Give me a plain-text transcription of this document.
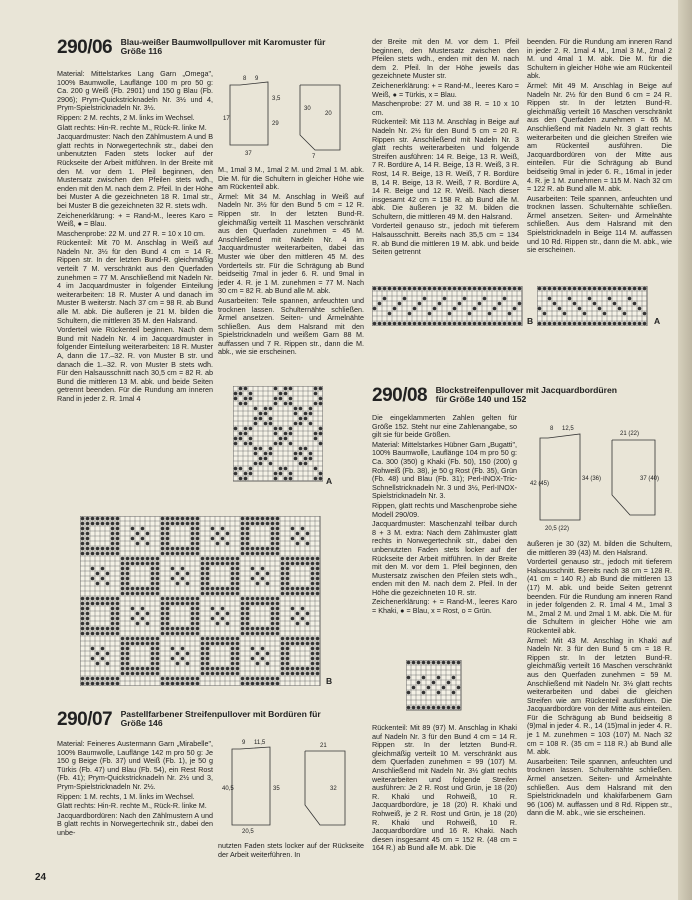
290/06 Blau-weißer Baumwollpullover mit Karomuster für Größe 116

Material: Mittelstarkes Lang Garn „Omega", 100% Baumwolle, Lauflänge 100 m pro 50 g: Ca. 200 g Weiß (Fb. 2901) und 150 g Blau (Fb. 2906); Prym-Quickstricknadeln Nr. 3½ und 4, Prym-Spielstricknadeln Nr. 3½.

Rippen: 2 M. rechts, 2 M. links im Wechsel.

Glatt rechts: Hin-R. rechte M., Rück-R. linke M.

Jacquardmuster: Nach den Zählmustern A und B glatt rechts in Norwegertechnik str., dabei den unbenutzten Faden stets locker auf der Rückseite der Arbeit mitführen. In der Breite mit den M. vor dem 1. Pfeil beginnen, den Mustersatz zwischen den Pfeilen stets wdh., enden mit den M. nach dem 2. Pfeil. In der Höhe bei Muster A die gezeichneten 18 R. 1mal str., bei Muster B die gezeichneten 32 R. stets wdh.

Zeichenerklärung: + = Rand-M., leeres Karo = Weiß, ● = Blau.

Maschenprobe: 22 M. und 27 R. = 10 x 10 cm.

Rückenteil: Mit 70 M. Anschlag in Weiß auf Nadeln Nr. 3½ für den Bund 4 cm = 14 R. Rippen str. In der letzten Bund-R. gleichmäßig verteilt 7 M. verschränkt aus den Querfaden zunehmen = 77 M. Anschließend mit Nadeln Nr. 4 im Jacquardmuster in folgender Einteilung weiterarbeiten: 18 R. Muster A und danach im Muster B weiterstr. Nach 37 cm = 98 R. ab Bund alle M. abk. Die äußeren je 21 M. bilden die Schultern, die mittleren 35 M. den Halsrand.

Vorderteil wie Rückenteil beginnen. Nach dem Bund mit Nadeln Nr. 4 im Jacquardmuster in folgender Einteilung weiterarbeiten: 18 R. Muster A, dann die 17.–32. R. von Muster B str. und danach die 1.–32. R. von Muster B stets wdh. Für den Halsausschnitt nach 30,5 cm = 82 R. ab Bund die mittleren 13 M. abk. und beide Seiten getrennt beenden. Für die Rundung am inneren Rand in jeder 2. R. 1mal 4

8 9
17
3,5
29
37
30
20
7

M., 1mal 3 M., 1mal 2 M. und 2mal 1 M. abk. Die M. für die Schultern in gleicher Höhe wie am Rückenteil abk.

Ärmel: Mit 34 M. Anschlag in Weiß auf Nadeln Nr. 3½ für den Bund 5 cm = 12 R. Rippen str. In der letzten Bund-R. gleichmäßig verteilt 11 Maschen verschränkt aus den Querfaden zunehmen = 45 M. Anschließend mit Nadeln Nr. 4 im Jacquardmuster weiterarbeiten, dabei das Muster wie über den mittleren 45 M. des Vorderteils str. Für die Schrägung ab Bund beidseitig 7mal in jeder 6. R. und 9mal in jeder 4. R. je 1 M. zunehmen = 77 M. Nach 30 cm = 82 R. ab Bund alle M. abk.

Ausarbeiten: Teile spannen, anfeuchten und trocknen lassen. Schulternähte schließen. Ärmel ansetzen. Seiten- und Ärmelnähte schließen. Aus dem Halsrand mit den Spielstricknadeln und weißem Garn 88 M. auffassen und 7 R. Rippen str., dann die M. abk., wie sie erscheinen.

A
B

der Breite mit den M. vor dem 1. Pfeil beginnen, den Mustersatz zwischen den Pfeilen stets wdh., enden mit den M. nach dem 2. Pfeil. In der Höhe jeweils das gezeichnete Muster str.

Zeichenerklärung: + = Rand-M., leeres Karo = Weiß, ● = Türkis, x = Blau.

Maschenprobe: 27 M. und 38 R. = 10 x 10 cm.

Rückenteil: Mit 113 M. Anschlag in Beige auf Nadeln Nr. 2½ für den Bund 5 cm = 20 R. Rippen str. Anschließend mit Nadeln Nr. 3 glatt rechts weiterarbeiten und folgende Streifen ausführen: 14 R. Beige, 13 R. Weiß, 7 R. Bordüre A, 14 R. Beige, 13 R. Weiß, 3 R. Rost, 14 R. Beige, 13 R. Weiß, 7 R. Bordüre B, 14 R. Beige, 13 R. Weiß, 7 R. Bordüre A, 14 R. Beige und 12 R. Weiß. Nach dieser insgesamt 42 cm = 158 R. ab Bund alle M. abk. Die äußeren je 32 M. bilden die Schultern, die mittleren 49 M. den Halsrand.

Vorderteil genauso str., jedoch mit tieferem Halsausschnitt. Bereits nach 35,5 cm = 134 R. ab Bund die mittleren 19 M. abk. und beide Seiten getrennt

beenden. Für die Rundung am inneren Rand in jeder 2. R. 1mal 4 M., 1mal 3 M., 2mal 2 M. und 4mal 1 M. abk. Die M. für die Schultern in gleicher Höhe wie am Rückenteil abk.

Ärmel: Mit 49 M. Anschlag in Beige auf Nadeln Nr. 2½ für den Bund 6 cm = 24 R. Rippen str. In der letzten Bund-R. gleichmäßig verteilt 16 Maschen verschränkt aus den Querfaden zunehmen = 65 M. Anschließend mit Nadeln Nr. 3 glatt rechts weiterarbeiten und die gleichen Streifen wie am Rückenteil ausführen. Die Jacquardbordüren von der Mitte aus einteilen. Für die Schrägung ab Bund beidseitig 9mal in jeder 6. R., 16mal in jeder 4. R. je 1 M. zunehmen = 115 M. Nach 32 cm = 122 R. ab Bund alle M. abk.

Ausarbeiten: Teile spannen, anfeuchten und trocknen lassen. Schulternähte schließen. Ärmel ansetzen. Seiten- und Ärmelnähte schließen. Aus dem Halsrand mit den Spielstricknadeln in Beige 114 M. auffassen und 10 Rd. Rippen str., dann die M. abk., wie sie erscheinen.

B	A
290/08 Blockstreifenpullover mit Jacquardbordüren für Größe 140 und 152

Die eingeklammerten Zahlen gelten für Größe 152. Steht nur eine Zahlenangabe, so gilt sie für beide Größen.

Material: Mittelstarkes Hübner Garn „Bugatti", 100% Baumwolle, Lauflänge 104 m pro 50 g: Ca. 300 (350) g Khaki (Fb. 50), 150 (200) g Rohweiß (Fb. 38), je 50 g Rost (Fb. 35), Grün (Fb. 48) und Blau (Fb. 31); Perl-INOX-Tric-Schnellstricknadeln Nr. 3 und 3½, Perl-INOX-Spielstricknadeln Nr. 3.

Rippen, glatt rechts und Maschenprobe siehe Modell 290/09.

Jacquardmuster: Maschenzahl teilbar durch 8 + 3 M. extra: Nach dem Zählmuster glatt rechts in Norwegertechnik str., dabei den unbenutzten Faden stets locker auf der Rückseite der Arbeit mitführen. In der Breite mit den M. vor dem 1. Pfeil beginnen, den Mustersatz zwischen den Pfeilen stets wdh., enden mit den M. nach dem 2. Pfeil. In der Höhe die gezeichneten 10 R. str.

Zeichenerklärung: + = Rand-M., leeres Karo = Khaki, ● = Blau, x = Rost, o = Grün.

8 12,5
42 (45)
34 (36)
20,5 (22)
21 (22)
37 (40)

äußeren je 30 (32) M. bilden die Schultern, die mittleren 39 (43) M. den Halsrand.

Vorderteil genauso str., jedoch mit tieferem Halsausschnitt. Bereits nach 38 cm = 128 R. (41 cm = 140 R.) ab Bund die mittleren 13 (17) M. abk. und beide Seiten getrennt beenden. Für die Rundung am inneren Rand in jeder folgenden 2. R. 1mal 4 M., 1mal 3 M., 2mal 2 M. und 2mal 1 M. abk. Die M. für die Schultern in gleicher Höhe wie am Rückenteil abk.

Ärmel: Mit 43 M. Anschlag in Khaki auf Nadeln Nr. 3 für den Bund 5 cm = 18 R. Rippen str. In der letzten Bund-R. gleichmäßig verteilt 16 Maschen verschränkt aus den Querfaden zunehmen = 59 M. Anschließend mit Nadeln Nr. 3½ glatt rechts weiterarbeiten und dabei die gleichen Streifen wie am Rückenteil ausführen. Die Jacquardbordüre von der Mitte aus einteilen. Für die Schrägung ab Bund beidseitig 8 (9)mal in jeder 4. R., 14 (15)mal in jeder 4. R. je 1 M. zunehmen = 103 (107) M. Nach 32 cm = 108 R. (35 cm = 118 R.) ab Bund alle M. abk.

Ausarbeiten: Teile spannen, anfeuchten und trocknen lassen. Schulternähte schließen. Ärmel ansetzen. Seiten- und Ärmelnähte schließen. Aus dem Halsrand mit den Spielstricknadeln und khakifarbenem Garn 96 (106) M. auffassen und 8 Rd. Rippen str., dann die M. abk., wie sie erscheinen.

Rückenteil: Mit 89 (97) M. Anschlag in Khaki auf Nadeln Nr. 3 für den Bund 4 cm = 14 R. Rippen str. In der letzten Bund-R. gleichmäßig verteilt 10 M. verschränkt aus dem Querfaden zunehmen = 99 (107) M. Anschließend mit Nadeln Nr. 3½ glatt rechts weiterarbeiten und folgende Streifen ausführen: Je 2 R. Rost und Grün, je 18 (20) R. Khaki und Rohweiß, 10 R. Jacquardbordüre, je 18 (20) R. Khaki und Rohweiß, je 2 R. Rost und Grün, je 18 (20) R. Khaki und Rohweiß, 10 R. Jacquardbordüre und 16 R. Khaki. Nach diesen insgesamt 45 cm = 152 R. (48 cm = 164 R.) ab Bund alle M. abk. Die

290/07 Pastellfarbener Streifenpullover mit Bordüren für Größe 146

Material: Feineres Austermann Garn „Mirabelle", 100% Baumwolle, Lauflänge 142 m pro 50 g: Je 150 g Beige (Fb. 37) und Weiß (Fb. 1), je 50 g Türkis (Fb. 47) und Blau (Fb. 54), ein Rest Rost (Fb. 41); Prym-Quickstricknadeln Nr. 2½ und 3, Prym-Spielstricknadeln Nr. 2½.

Rippen: 1 M. rechts, 1 M. links im Wechsel.

Glatt rechts: Hin-R. rechte M., Rück-R. linke M.

Jacquardbordüren: Nach den Zählmustern A und B glatt rechts in Norwegertechnik str., dabei den unbe-

9 11,5
40,5	35
20,5
21
32

nutzten Faden stets locker auf der Rückseite der Arbeit weiterführen. In

24
